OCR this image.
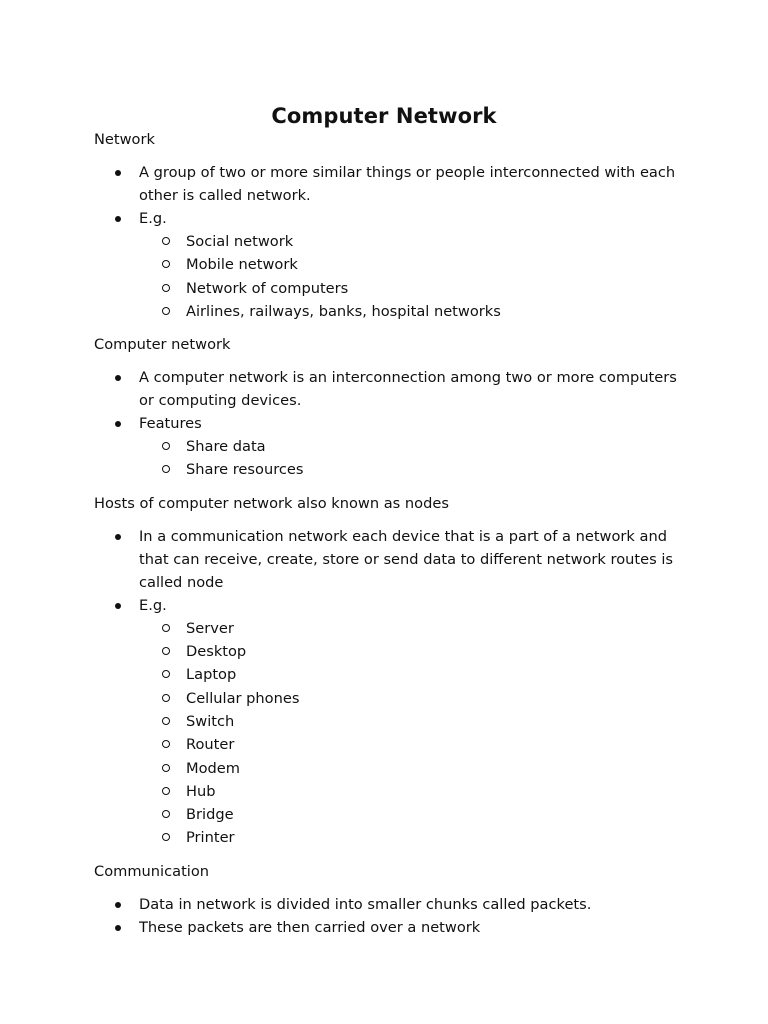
Computer Network

Network

A group of two or more similar things or people interconnected with each other is called network.
E.g.
Social network
Mobile network
Network of computers
Airlines, railways, banks, hospital networks

Computer network

A computer network is an interconnection among two or more computers or computing devices.
Features
Share data
Share resources

Hosts of computer network also known as nodes

In a communication network each device that is a part of a network and that can receive, create, store or send data to different network routes is called node
E.g.
Server
Desktop
Laptop
Cellular phones
Switch
Router
Modem
Hub
Bridge
Printer

Communication

Data in network is divided into smaller chunks called packets.
These packets are then carried over a network
